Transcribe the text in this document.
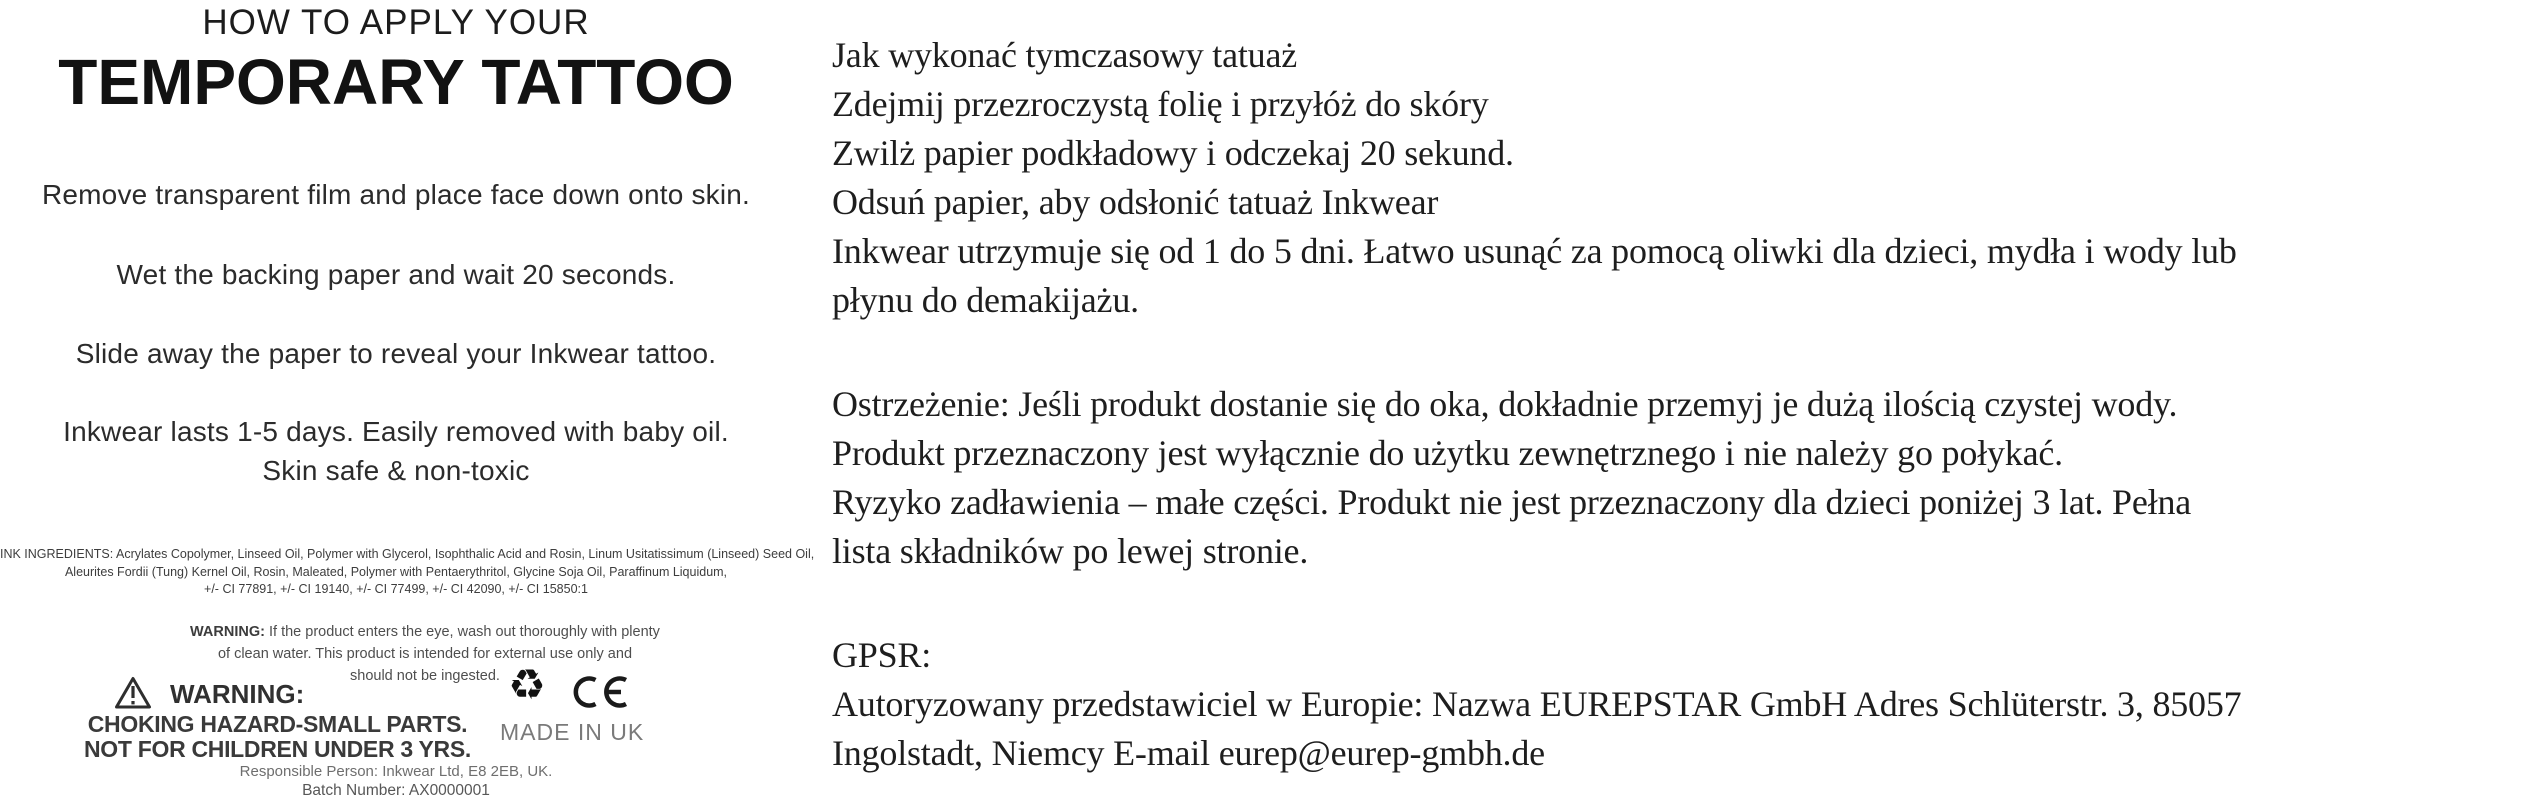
HOW TO APPLY YOUR
TEMPORARY TATTOO
Remove transparent film and place face down onto skin.
Wet the backing paper and wait 20 seconds.
Slide away the paper to reveal your Inkwear tattoo.
Inkwear lasts 1-5 days. Easily removed with baby oil.
Skin safe & non-toxic
INK INGREDIENTS: Acrylates Copolymer, Linseed Oil, Polymer with Glycerol, Isophthalic Acid and Rosin, Linum Usitatissimum (Linseed) Seed Oil,
Aleurites Fordii (Tung) Kernel Oil, Rosin, Maleated, Polymer with Pentaerythritol, Glycine Soja Oil, Paraffinum Liquidum,
+/- CI 77891, +/- CI 19140, +/- CI 77499, +/- CI 42090, +/- CI 15850:1
WARNING: If the product enters the eye, wash out thoroughly with plenty
of clean water. This product is intended for external use only and
should not be ingested.
WARNING:
CHOKING HAZARD-SMALL PARTS.
NOT FOR CHILDREN UNDER 3 YRS.
♻
MADE IN UK
Responsible Person: Inkwear Ltd, E8 2EB, UK.
Batch Number: AX0000001
Jak wykonać tymczasowy tatuaż
Zdejmij przezroczystą folię i przyłóż do skóry
Zwilż papier podkładowy i odczekaj 20 sekund.
Odsuń papier, aby odsłonić tatuaż Inkwear
Inkwear utrzymuje się od 1 do 5 dni. Łatwo usunąć za pomocą oliwki dla dzieci, mydła i wody lub
płynu do demakijażu.
Ostrzeżenie: Jeśli produkt dostanie się do oka, dokładnie przemyj je dużą ilością czystej wody.
Produkt przeznaczony jest wyłącznie do użytku zewnętrznego i nie należy go połykać.
Ryzyko zadławienia – małe części. Produkt nie jest przeznaczony dla dzieci poniżej 3 lat. Pełna
lista składników po lewej stronie.
GPSR:
Autoryzowany przedstawiciel w Europie: Nazwa EUREPSTAR GmbH Adres Schlüterstr. 3, 85057
Ingolstadt, Niemcy E-mail eurep@eurep-gmbh.de
